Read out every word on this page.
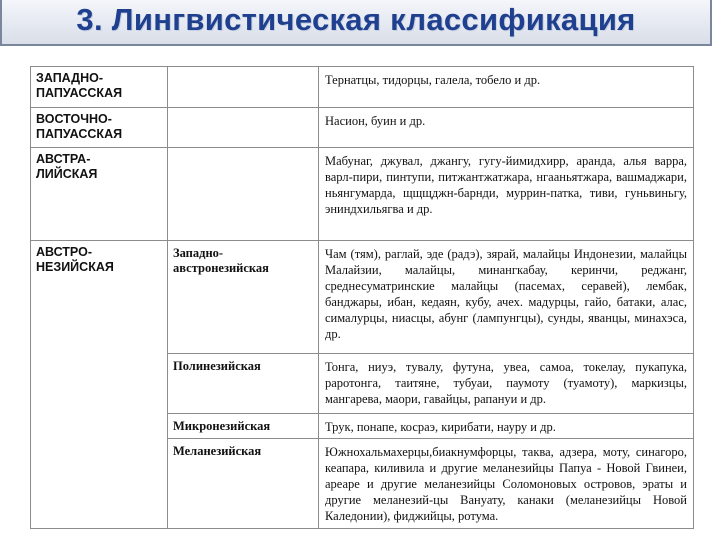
3. Лингвистическая классификация
ЗАПАДНО-
ПАПУАССКАЯ		Тернатцы, тидорцы, галела, тобело и др.
ВОСТОЧНО-
ПАПУАССКАЯ		Насион, буин и др.
АВСТРА-
ЛИЙСКАЯ		Мабунаг, джувал, джангу, гугу-йимидхирр, аранда, алья варра, варл-пири, пинтупи, питжантжатжара, нгааньятжара, вашмаджари, ньянгумарда, щщщджн-барнди, муррин-патка, тиви, гуньвиньгу, эниндхильягва и др.
АВСТРО-
НЕЗИЙСКАЯ	Западно-
австронезийская	Чам (тям), раглай, эде (радэ), зярай, малайцы Индонезии, малайцы Малайзии, малайцы, минангкабау, керинчи, реджанг, среднесуматринские малайцы (пасемах, серавей), лембак, банджары, ибан, кедаян, кубу, ачех. мадурцы, гайо, батаки, алас, сималурцы, ниасцы, абунг (лампунгцы), сунды, яванцы, минахэса, др.
	Полинезийская	Тонга, ниуэ, тувалу, футуна, увеа, самоа, токелау, пукапука, раротонга, таитяне, тубуаи, паумоту (туамоту), маркизцы, мангарева, маори, гавайцы, рапануи и др.
	Микронезийская	Трук, понапе, косраэ, кирибати, науру и др.
	Меланезийская	Южнохальмахерцы,биакнумфорцы, таква, адзера, моту, синагоро, кеапара, киливила и другие меланезийцы Папуа - Новой Гвинеи, ареаре и другие меланезийцы Соломоновых островов, эраты и другие меланезий-цы Вануату, канаки (меланезийцы Новой Каледонии), фиджийцы, ротума.
